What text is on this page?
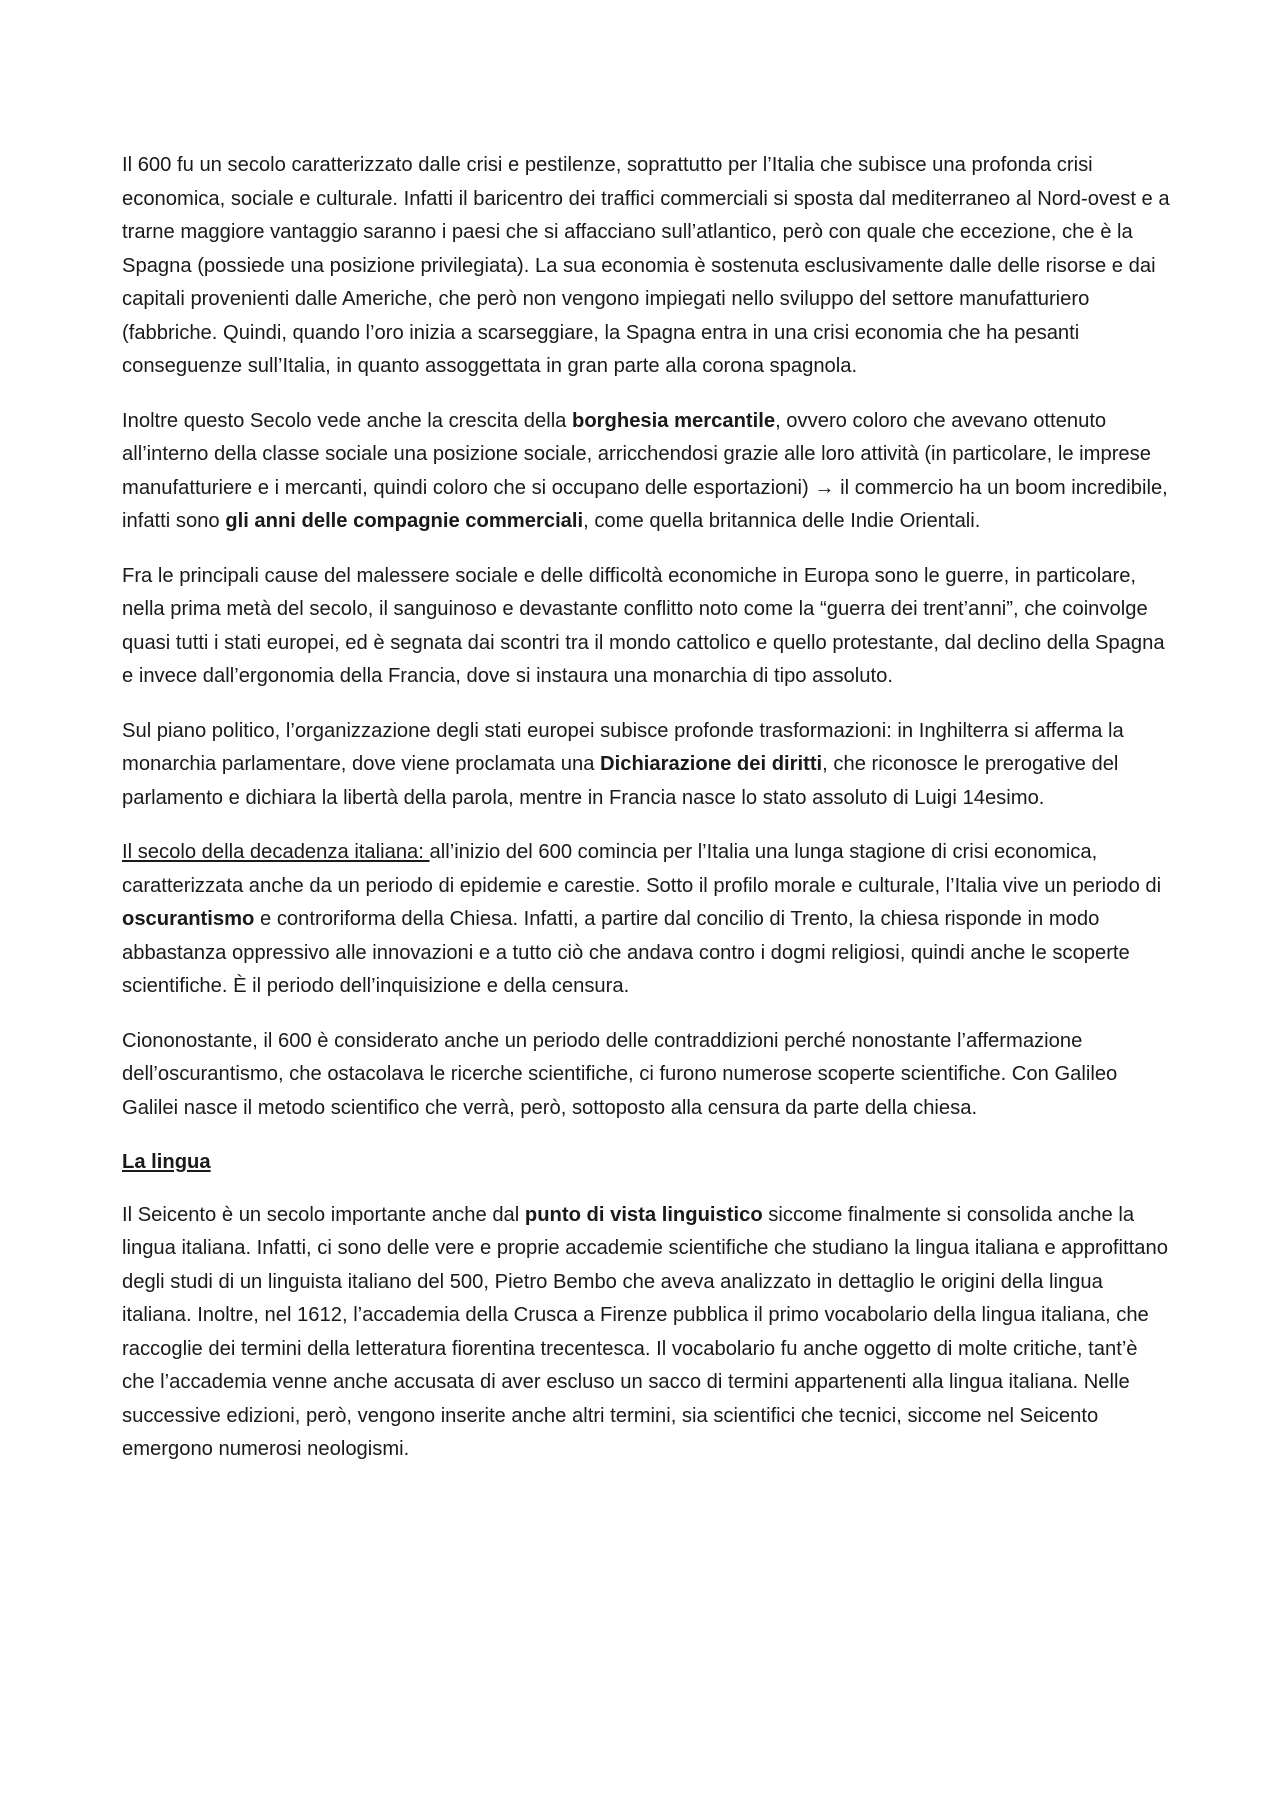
Il 600 fu un secolo caratterizzato dalle crisi e pestilenze, soprattutto per l’Italia che subisce una profonda crisi economica, sociale e culturale. Infatti il baricentro dei traffici commerciali si sposta dal mediterraneo al Nord-ovest e a trarne maggiore vantaggio saranno i paesi che si affacciano sull’atlantico, però con quale che eccezione, che è la Spagna (possiede una posizione privilegiata). La sua economia è sostenuta esclusivamente dalle delle risorse e dai capitali provenienti dalle Americhe, che però non vengono impiegati nello sviluppo del settore manufatturiero (fabbriche. Quindi, quando l’oro inizia a scarseggiare, la Spagna entra in una crisi economia che ha pesanti conseguenze sull’Italia, in quanto assoggettata in gran parte alla corona spagnola.

Inoltre questo Secolo vede anche la crescita della borghesia mercantile, ovvero coloro che avevano ottenuto all’interno della classe sociale una posizione sociale, arricchendosi grazie alle loro attività (in particolare, le imprese manufatturiere e i mercanti, quindi coloro che si occupano delle esportazioni) → il commercio ha un boom incredibile, infatti sono gli anni delle compagnie commerciali, come quella britannica delle Indie Orientali.

Fra le principali cause del malessere sociale e delle difficoltà economiche in Europa sono le guerre, in particolare, nella prima metà del secolo, il sanguinoso e devastante conflitto noto come la “guerra dei trent’anni”, che coinvolge quasi tutti i stati europei, ed è segnata dai scontri tra il mondo cattolico e quello protestante, dal declino della Spagna e invece dall’ergonomia della Francia, dove si instaura una monarchia di tipo assoluto.

Sul piano politico, l’organizzazione degli stati europei subisce profonde trasformazioni: in Inghilterra si afferma la monarchia parlamentare, dove viene proclamata una Dichiarazione dei diritti, che riconosce le prerogative del parlamento e dichiara la libertà della parola, mentre in Francia nasce lo stato assoluto di Luigi 14esimo.

Il secolo della decadenza italiana: all’inizio del 600 comincia per l’Italia una lunga stagione di crisi economica, caratterizzata anche da un periodo di epidemie e carestie. Sotto il profilo morale e culturale, l’Italia vive un periodo di oscurantismo e controriforma della Chiesa. Infatti, a partire dal concilio di Trento, la chiesa risponde in modo abbastanza oppressivo alle innovazioni e a tutto ciò che andava contro i dogmi religiosi, quindi anche le scoperte scientifiche. È il periodo dell’inquisizione e della censura.

Ciononostante, il 600 è considerato anche un periodo delle contraddizioni perché nonostante l’affermazione dell’oscurantismo, che ostacolava le ricerche scientifiche, ci furono numerose scoperte scientifiche. Con Galileo Galilei nasce il metodo scientifico che verrà, però, sottoposto alla censura da parte della chiesa.

La lingua

Il Seicento è un secolo importante anche dal punto di vista linguistico siccome finalmente si consolida anche la lingua italiana. Infatti, ci sono delle vere e proprie accademie scientifiche che studiano la lingua italiana e approfittano degli studi di un linguista italiano del 500, Pietro Bembo che aveva analizzato in dettaglio le origini della lingua italiana. Inoltre, nel 1612, l’accademia della Crusca a Firenze pubblica il primo vocabolario della lingua italiana, che raccoglie dei termini della letteratura fiorentina trecentesca. Il vocabolario fu anche oggetto di molte critiche, tant’è che l’accademia venne anche accusata di aver escluso un sacco di termini appartenenti alla lingua italiana. Nelle successive edizioni, però, vengono inserite anche altri termini, sia scientifici che tecnici, siccome nel Seicento emergono numerosi neologismi.
